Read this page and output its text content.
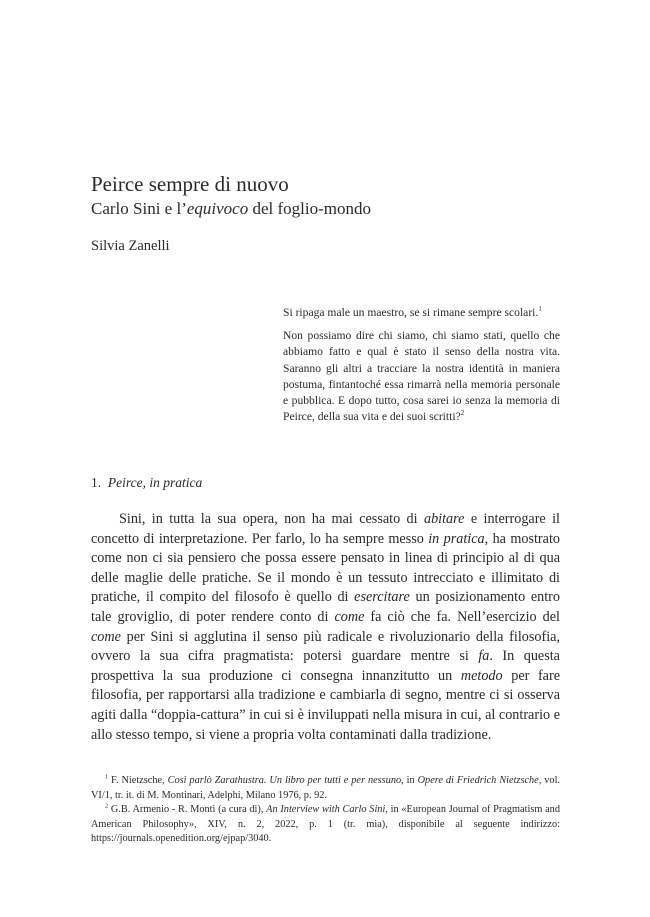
Peirce sempre di nuovo
Carlo Sini e l’equivoco del foglio-mondo
Silvia Zanelli

Si ripaga male un maestro, se si rimane sempre scolari.$^1$

Non possiamo dire chi siamo, chi siamo stati, quello che abbiamo fatto e qual è stato il senso della nostra vita. Saranno gli altri a tracciare la nostra identità in maniera postuma, fintantoché essa rimarrà nella memoria personale e pubblica. E dopo tutto, cosa sarei io senza la memoria di Peirce, della sua vita e dei suoi scritti?$^2$

1. Peirce, in pratica

Sini, in tutta la sua opera, non ha mai cessato di abitare e interrogare il concetto di interpretazione. Per farlo, lo ha sempre messo in pratica, ha mostrato come non ci sia pensiero che possa essere pensato in linea di principio al di qua delle maglie delle pratiche. Se il mondo è un tessuto intrecciato e illimitato di pratiche, il compito del filosofo è quello di esercitare un posizionamento entro tale groviglio, di poter rendere conto di come fa ciò che fa. Nell’esercizio del come per Sini si agglutina il senso più radicale e rivoluzionario della filosofia, ovvero la sua cifra pragmatista: potersi guardare mentre si fa. In questa prospettiva la sua produzione ci consegna innanzitutto un metodo per fare filosofia, per rapportarsi alla tradizione e cambiarla di segno, mentre ci si osserva agiti dalla “doppia-cattura” in cui si è inviluppati nella misura in cui, al contrario e allo stesso tempo, si viene a propria volta contaminati dalla tradizione.

$^1$ F. Nietzsche, Così parlò Zarathustra. Un libro per tutti e per nessuno, in Opere di Friedrich Nietzsche, vol. VI/1, tr. it. di M. Montinari, Adelphi, Milano 1976, p. 92.

$^2$ G.B. Armenio - R. Monti (a cura di), An Interview with Carlo Sini, in «European Journal of Pragmatism and American Philosophy», XIV, n. 2, 2022, p. 1 (tr. mia), disponibile al seguente indirizzo: https://journals.openedition.org/ejpap/3040.
